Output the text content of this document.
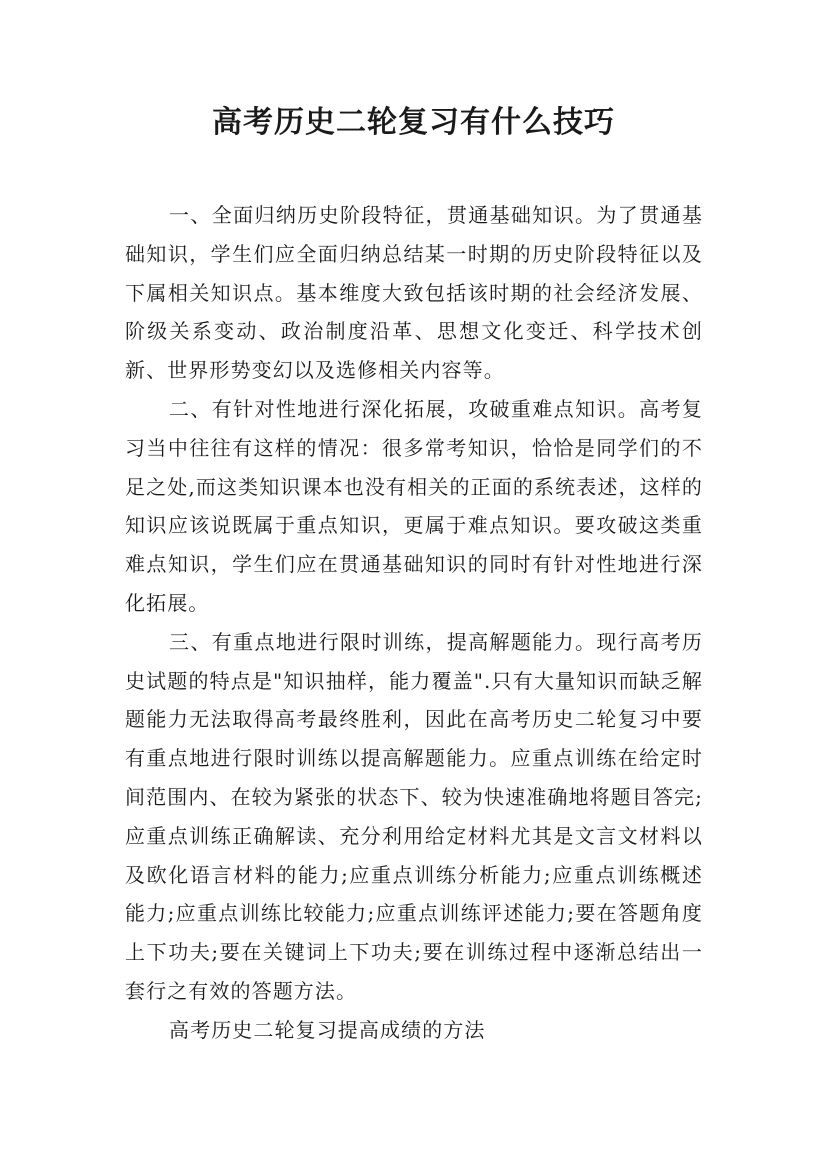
高考历史二轮复习有什么技巧

一、全面归纳历史阶段特征，贯通基础知识。为了贯通基础知识，学生们应全面归纳总结某一时期的历史阶段特征以及下属相关知识点。基本维度大致包括该时期的社会经济发展、阶级关系变动、政治制度沿革、思想文化变迁、科学技术创新、世界形势变幻以及选修相关内容等。

二、有针对性地进行深化拓展，攻破重难点知识。高考复习当中往往有这样的情况：很多常考知识，恰恰是同学们的不足之处,而这类知识课本也没有相关的正面的系统表述，这样的知识应该说既属于重点知识，更属于难点知识。要攻破这类重难点知识，学生们应在贯通基础知识的同时有针对性地进行深化拓展。

三、有重点地进行限时训练，提高解题能力。现行高考历史试题的特点是"知识抽样，能力覆盖".只有大量知识而缺乏解题能力无法取得高考最终胜利，因此在高考历史二轮复习中要有重点地进行限时训练以提高解题能力。应重点训练在给定时间范围内、在较为紧张的状态下、较为快速准确地将题目答完;应重点训练正确解读、充分利用给定材料尤其是文言文材料以及欧化语言材料的能力;应重点训练分析能力;应重点训练概述能力;应重点训练比较能力;应重点训练评述能力;要在答题角度上下功夫;要在关键词上下功夫;要在训练过程中逐渐总结出一套行之有效的答题方法。

高考历史二轮复习提高成绩的方法
